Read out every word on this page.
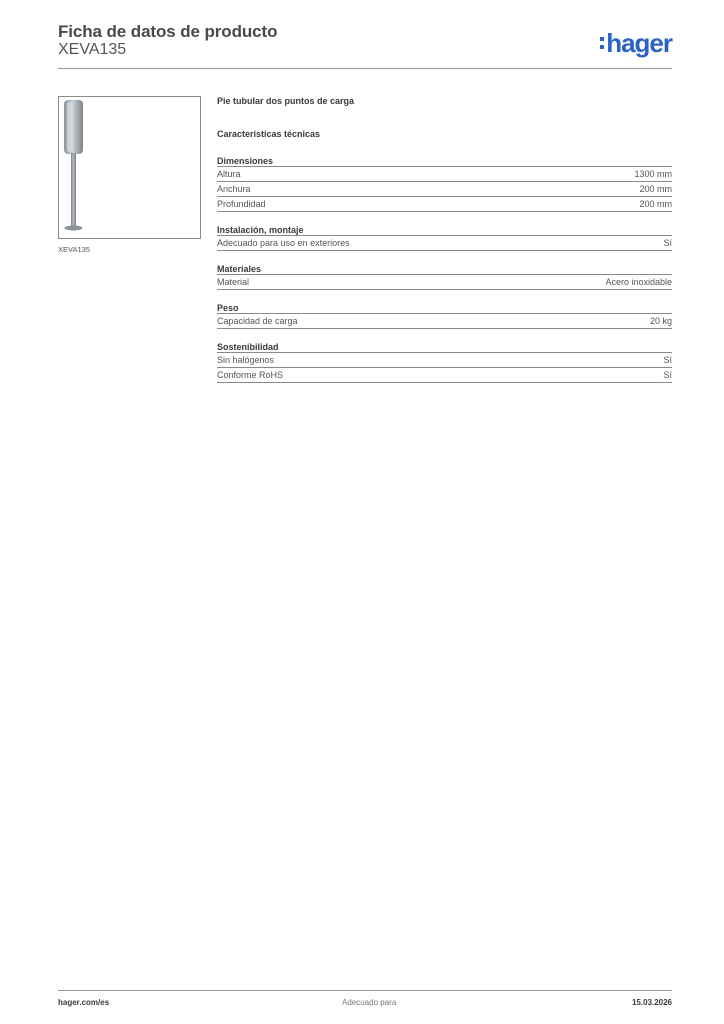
Ficha de datos de producto
XEVA135	hager
XEVA135
Pie tubular dos puntos de carga
Características técnicas
Dimensiones
Altura	1300 mm
Anchura	200 mm
Profundidad	200 mm
Instalación, montaje
Adecuado para uso en exteriores	Sí
Materiales
Material	Acero inoxidable
Peso
Capacidad de carga	20 kg
Sostenibilidad
Sin halógenos	Sí
Conforme RoHS	Sí
hager.com/es	Adecuado para	15.03.2026
